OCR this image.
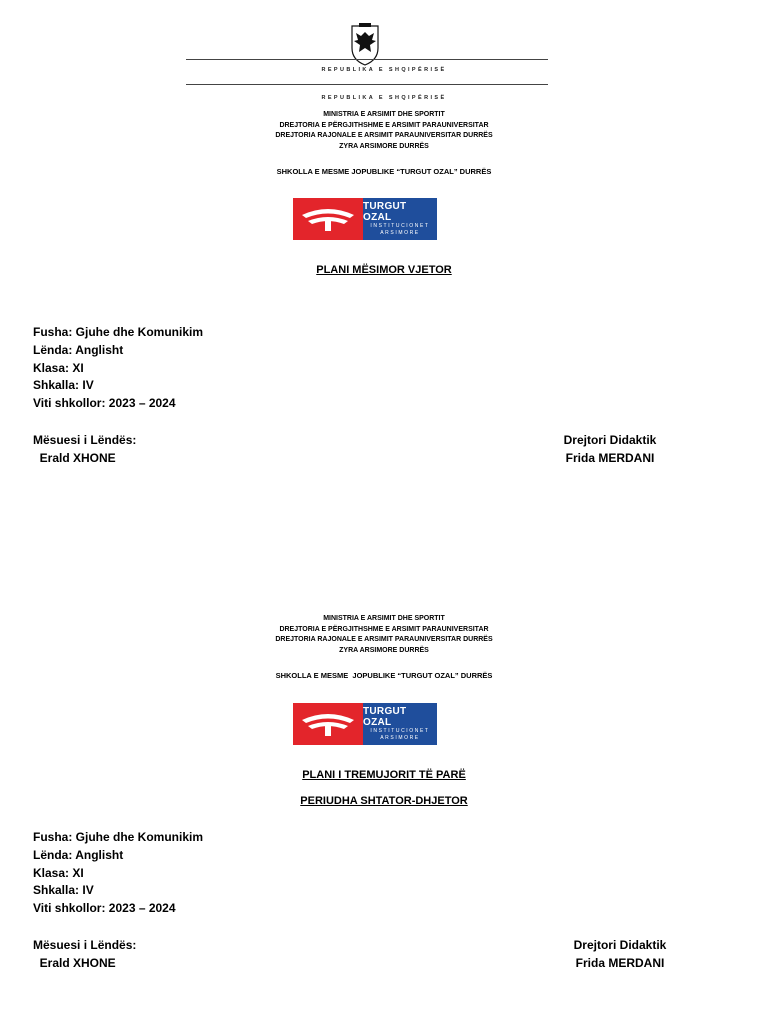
REPUBLIKA E SHQIPËRISË
REPUBLIKA E SHQIPËRISË
MINISTRIA E ARSIMIT DHE SPORTIT
DREJTORIA E PËRGJITHSHME E ARSIMIT PARAUNIVERSITAR
DREJTORIA RAJONALE E ARSIMIT PARAUNIVERSITAR DURRËS
ZYRA ARSIMORE DURRËS
SHKOLLA E MESME JOPUBLIKE “TURGUT OZAL” DURRËS
TURGUT OZAL
INSTITUCIONET
ARSIMORE
PLANI MËSIMOR VJETOR
Fusha: Gjuhe dhe Komunikim
Lënda: Anglisht
Klasa: XI
Shkalla: IV
Viti shkollor: 2023 – 2024
Mësuesi i Lëndës:
Erald XHONE
Drejtori Didaktik
Frida MERDANI
MINISTRIA E ARSIMIT DHE SPORTIT
DREJTORIA E PËRGJITHSHME E ARSIMIT PARAUNIVERSITAR
DREJTORIA RAJONALE E ARSIMIT PARAUNIVERSITAR DURRËS
ZYRA ARSIMORE DURRËS
SHKOLLA E MESME  JOPUBLIKE “TURGUT OZAL” DURRËS
TURGUT OZAL
INSTITUCIONET
ARSIMORE
PLANI I TREMUJORIT TË PARË
PERIUDHA SHTATOR-DHJETOR
Fusha: Gjuhe dhe Komunikim
Lënda: Anglisht
Klasa: XI
Shkalla: IV
Viti shkollor: 2023 – 2024
Mësuesi i Lëndës:
Erald XHONE
Drejtori Didaktik
Frida MERDANI
